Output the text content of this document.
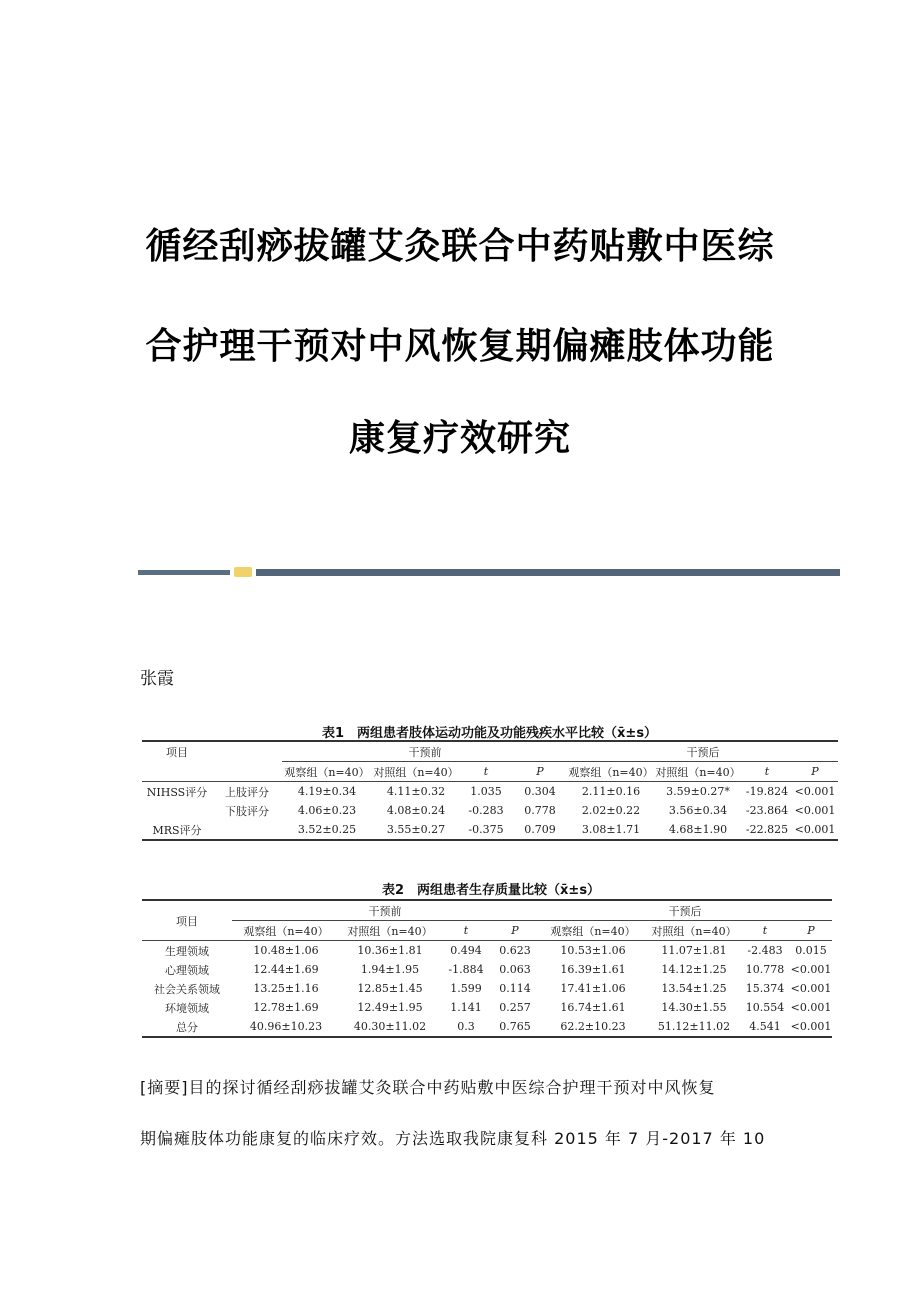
循经刮痧拔罐艾灸联合中药贴敷中医综
合护理干预对中风恢复期偏瘫肢体功能
康复疗效研究
张霞
表1　两组患者肢体运动功能及功能残疾水平比较（x̄±s）
项目		干预前				干预后			
		观察组（n=40）	对照组（n=40）	t	P	观察组（n=40）	对照组（n=40）	t	P
NIHSS评分	上肢评分	4.19±0.34	4.11±0.32	1.035	0.304	2.11±0.16	3.59±0.27*	-19.824	<0.001
	下肢评分	4.06±0.23	4.08±0.24	-0.283	0.778	2.02±0.22	3.56±0.34	-23.864	<0.001
MRS评分		3.52±0.25	3.55±0.27	-0.375	0.709	3.08±1.71	4.68±1.90	-22.825	<0.001
表2　两组患者生存质量比较（x̄±s）
项目	干预前				干预后			
	观察组（n=40）	对照组（n=40）	t	P	观察组（n=40）	对照组（n=40）	t	P
生理领域	10.48±1.06	10.36±1.81	0.494	0.623	10.53±1.06	11.07±1.81	-2.483	0.015
心理领域	12.44±1.69	1.94±1.95	-1.884	0.063	16.39±1.61	14.12±1.25	10.778	<0.001
社会关系领域	13.25±1.16	12.85±1.45	1.599	0.114	17.41±1.06	13.54±1.25	15.374	<0.001
环境领域	12.78±1.69	12.49±1.95	1.141	0.257	16.74±1.61	14.30±1.55	10.554	<0.001
总分	40.96±10.23	40.30±11.02	0.3	0.765	62.2±10.23	51.12±11.02	4.541	<0.001
[摘要]目的探讨循经刮痧拔罐艾灸联合中药贴敷中医综合护理干预对中风恢复
期偏瘫肢体功能康复的临床疗效。方法选取我院康复科 2015 年 7 月-2017 年 10
